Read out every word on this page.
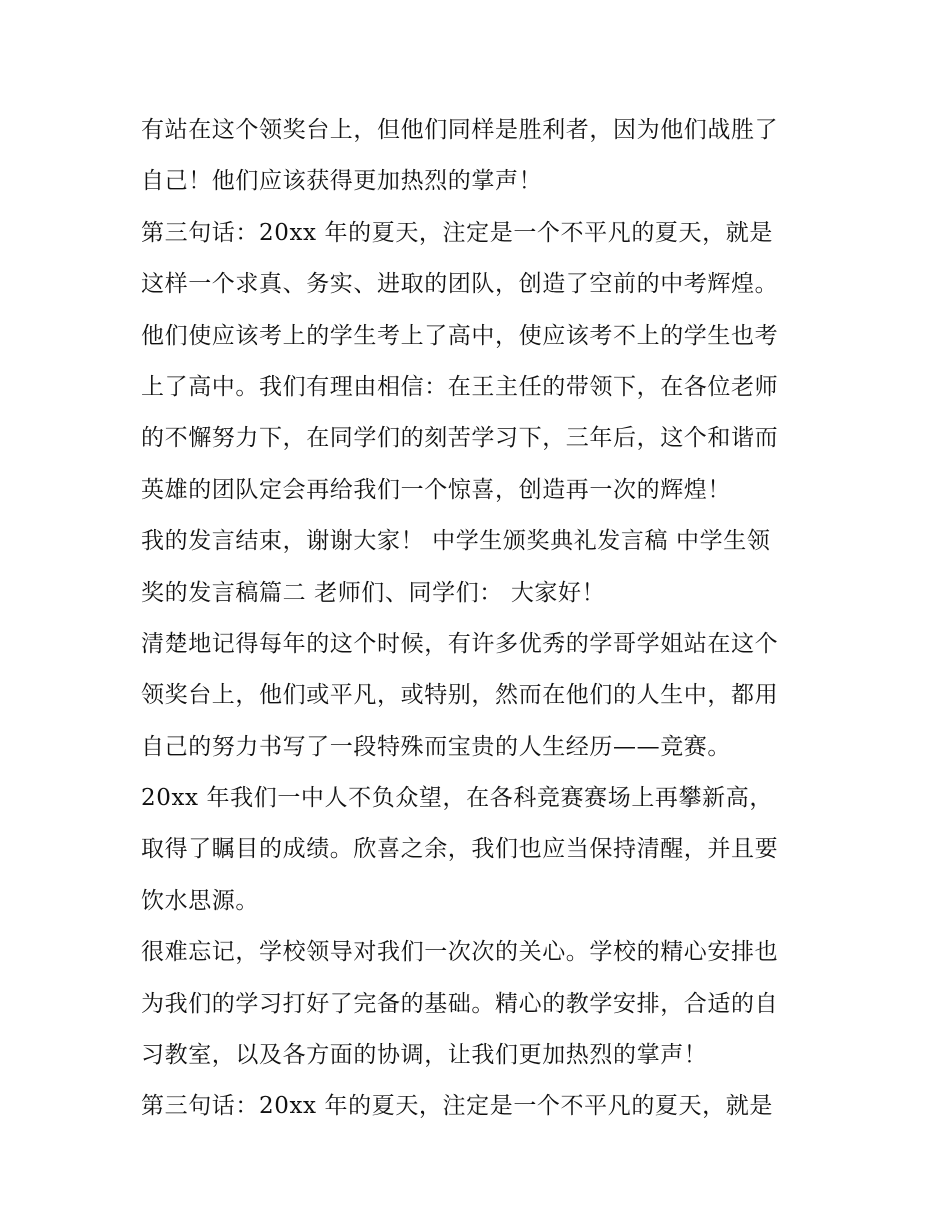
有站在这个领奖台上，但他们同样是胜利者，因为他们战胜了
自己！他们应该获得更加热烈的掌声！
第三句话：20xx 年的夏天，注定是一个不平凡的夏天，就是
这样一个求真、务实、进取的团队，创造了空前的中考辉煌。
他们使应该考上的学生考上了高中，使应该考不上的学生也考
上了高中。我们有理由相信：在王主任的带领下，在各位老师
的不懈努力下，在同学们的刻苦学习下，三年后，这个和谐而
英雄的团队定会再给我们一个惊喜，创造再一次的辉煌！
我的发言结束，谢谢大家！ 中学生颁奖典礼发言稿 中学生领
奖的发言稿篇二 老师们、同学们： 大家好！
清楚地记得每年的这个时候，有许多优秀的学哥学姐站在这个
领奖台上，他们或平凡，或特别，然而在他们的人生中，都用
自己的努力书写了一段特殊而宝贵的人生经历——竞赛。
20xx 年我们一中人不负众望，在各科竞赛赛场上再攀新高，
取得了瞩目的成绩。欣喜之余，我们也应当保持清醒，并且要
饮水思源。
很难忘记，学校领导对我们一次次的关心。学校的精心安排也
为我们的学习打好了完备的基础。精心的教学安排，合适的自
习教室，以及各方面的协调，让我们更加热烈的掌声！
第三句话：20xx 年的夏天，注定是一个不平凡的夏天，就是
